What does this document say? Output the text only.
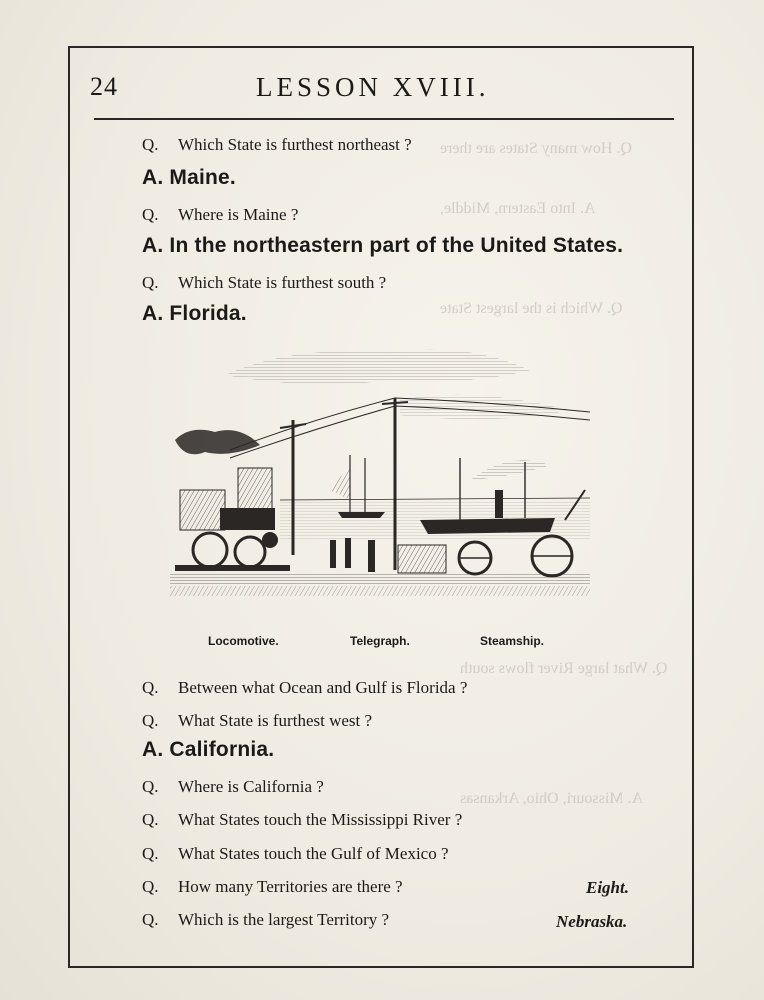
Q. How many States are there
A. Into Eastern, Middle,
Q. Which is the largest State
Q. What large River flows south
A. Missouri, Ohio, Arkansas
24	LESSON XVIII.
Q. Which State is furthest northeast ?
A. Maine.
Q. Where is Maine ?
A. In the northeastern part of the United States.
Q. Which State is furthest south ?
A. Florida.
Locomotive.	Telegraph.	Steamship.
Q. Between what Ocean and Gulf is Florida ?
Q. What State is furthest west ?
A. California.
Q. Where is California ?
Q. What States touch the Mississippi River ?
Q. What States touch the Gulf of Mexico ?
Q. How many Territories are there ?	Eight.
Q. Which is the largest Territory ?	Nebraska.
